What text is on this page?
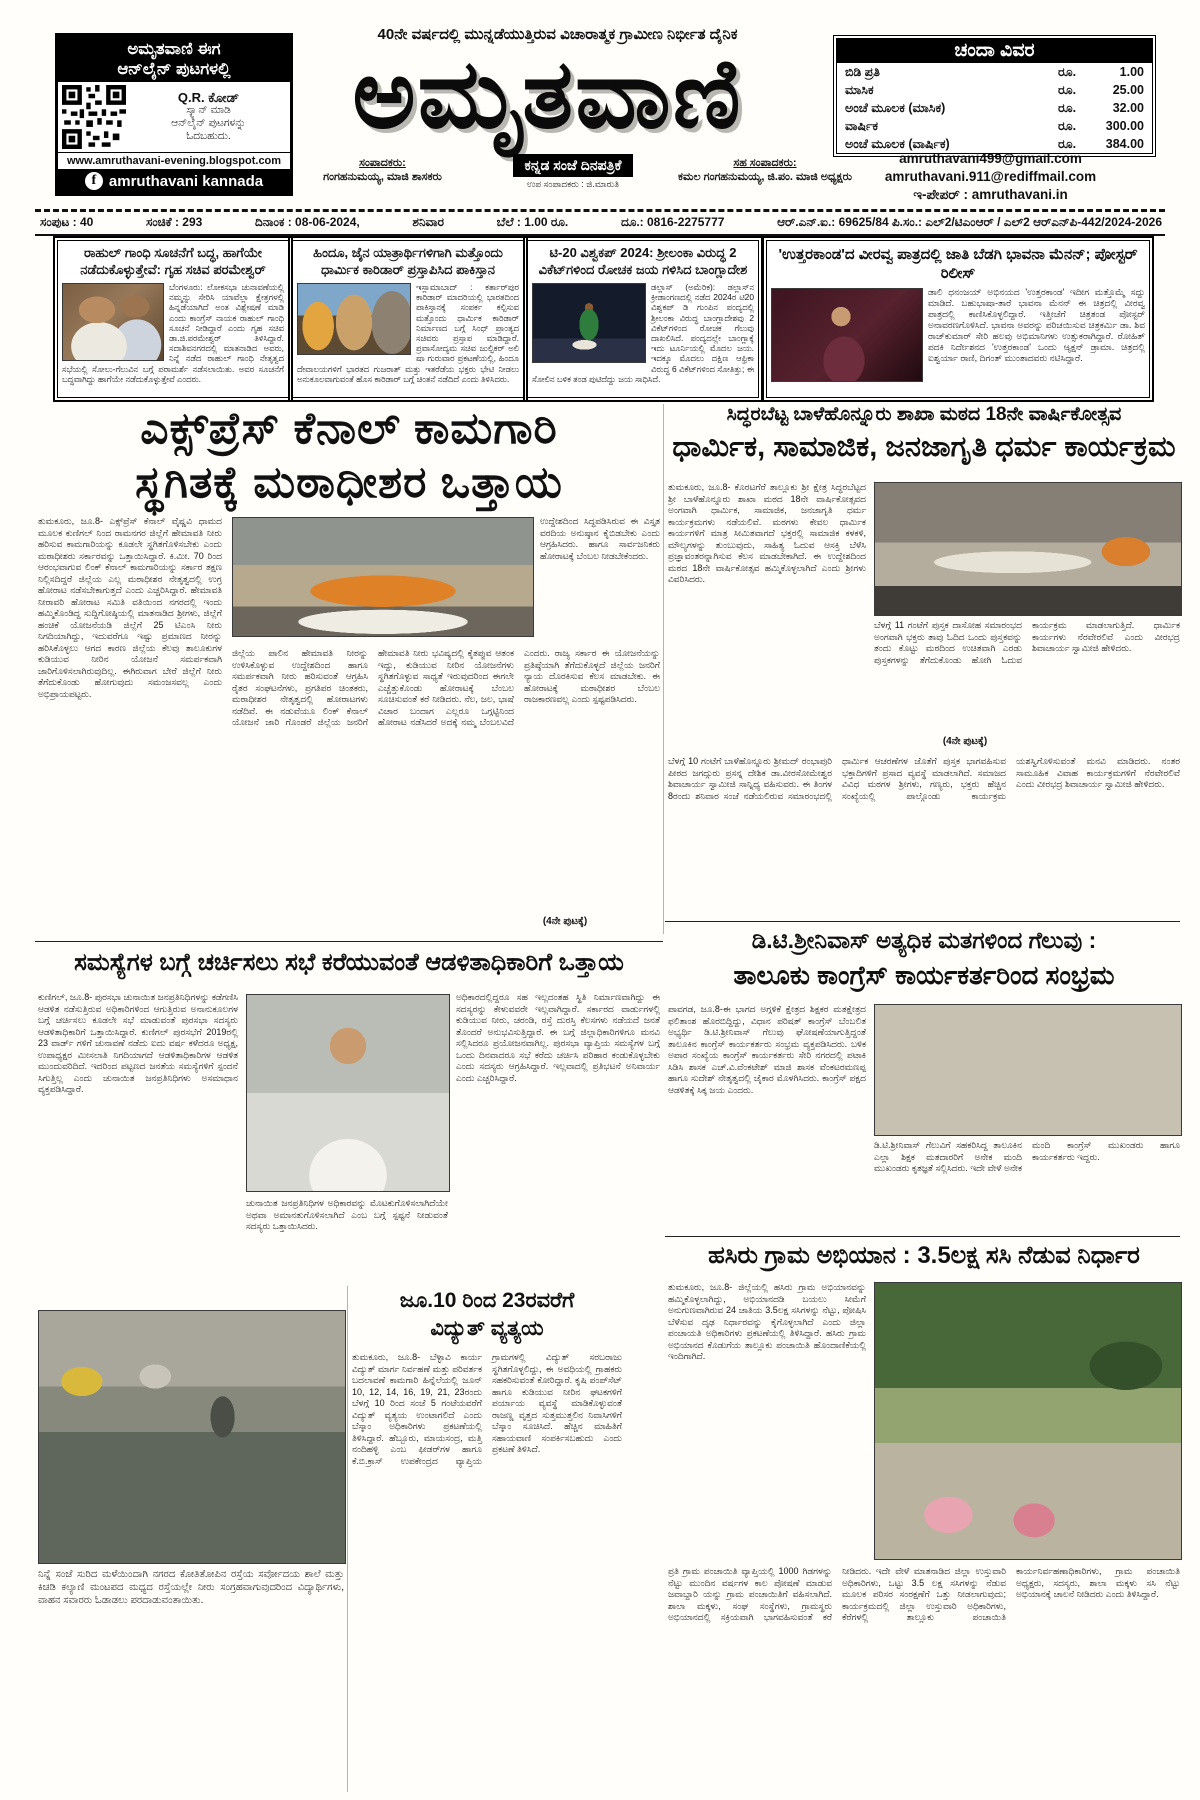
ಅಮೃತವಾಣಿ ಈಗ
ಆನ್‌ಲೈನ್ ಪುಟಗಳಲ್ಲಿ
Q.R. ಕೋಡ್
ಸ್ಕ್ಯಾನ್ ಮಾಡಿ
ಆನ್‌ಲೈನ್ ಪುಟಗಳನ್ನು
ಓದಬಹುದು.
www.amruthavani-evening.blogspot.com
f amruthavani kannada
40ನೇ ವರ್ಷದಲ್ಲಿ ಮುನ್ನಡೆಯುತ್ತಿರುವ ವಿಚಾರಾತ್ಮಕ ಗ್ರಾಮೀಣ ನಿರ್ಭೀತ ದೈನಿಕ
ಅಮೃತವಾಣಿ
ಸಂಪಾದಕರು:
ಗಂಗಹನುಮಯ್ಯ, ಮಾಜಿ ಶಾಸಕರು
ಕನ್ನಡ ಸಂಜೆ ದಿನಪತ್ರಿಕೆ
ಉಪ ಸಂಪಾದಕರು : ಜಿ.ಮಾರುತಿ
ಸಹ ಸಂಪಾದಕರು:
ಕಮಲ ಗಂಗಹನುಮಯ್ಯ, ಜಿ.ಪಂ. ಮಾಜಿ ಅಧ್ಯಕ್ಷರು
ಚಂದಾ ವಿವರ
ಬಿಡಿ ಪ್ರತಿ	ರೂ.	1.00
ಮಾಸಿಕ	ರೂ.	25.00
ಅಂಚೆ ಮೂಲಕ (ಮಾಸಿಕ)	ರೂ.	32.00
ವಾರ್ಷಿಕ	ರೂ.	300.00
ಅಂಚೆ ಮೂಲಕ (ವಾರ್ಷಿಕ)	ರೂ.	384.00
amruthavani499@gmail.com
amruthavani.911@rediffmail.com
ಇ-ಪೇಪರ್ : amruthavani.in
ಸಂಪುಟ : 40	ಸಂಚಿಕೆ : 293	ದಿನಾಂಕ : 08-06-2024,	ಶನಿವಾರ	ಬೆಲೆ : 1.00 ರೂ.	ದೂ.: 0816-2275777	ಆರ್.ಎನ್.ಐ.: 69625/84 ಪಿ.ಸಂ.: ಎಲ್2/ಟಿಎಂಆರ್ / ಎಲ್2 ಆರ್‌ಎನ್‌ಪಿ-442/2024-2026
ರಾಹುಲ್ ಗಾಂಧಿ ಸೂಚನೆಗೆ ಬದ್ಧ, ಹಾಗೆಯೇ ನಡೆದುಕೊಳ್ಳುತ್ತೇವೆ: ಗೃಹ ಸಚಿವ ಪರಮೇಶ್ವರ್
ಬೆಂಗಳೂರು: ಲೋಕಸಭಾ ಚುನಾವಣೆಯಲ್ಲಿ ನಮ್ಮನ್ನು ಸೇರಿಸಿ ಯಾವೆಲ್ಲಾ ಕ್ಷೇತ್ರಗಳಲ್ಲಿ ಹಿನ್ನಡೆಯಾಗಿದೆ ಅಂತ ವಿಶ್ಲೇಷಣೆ ಮಾಡಿ ಎಂದು ಕಾಂಗ್ರೆಸ್ ನಾಯಕ ರಾಹುಲ್ ಗಾಂಧಿ ಸೂಚನೆ ನೀಡಿದ್ದಾರೆ ಎಂದು ಗೃಹ ಸಚಿವ ಡಾ.ಜಿ.ಪರಮೇಶ್ವರ್ ತಿಳಿಸಿದ್ದಾರೆ. ಸದಾಶಿವನಗರದಲ್ಲಿ ಮಾತನಾಡಿದ ಅವರು, ನಿನ್ನೆ ನಡೆದ ರಾಹುಲ್ ಗಾಂಧಿ ನೇತೃತ್ವದ ಸಭೆಯಲ್ಲಿ ಸೋಲು-ಗೆಲುವಿನ ಬಗ್ಗೆ ಪರಾಮರ್ಶೆ ನಡೆಸಲಾಯಿತು. ಅವರ ಸೂಚನೆಗೆ ಬದ್ಧವಾಗಿದ್ದು ಹಾಗೆಯೇ ನಡೆದುಕೊಳ್ಳುತ್ತೇವೆ ಎಂದರು.
ಹಿಂದೂ, ಜೈನ ಯಾತ್ರಾರ್ಥಿಗಳಿಗಾಗಿ ಮತ್ತೊಂದು ಧಾರ್ಮಿಕ ಕಾರಿಡಾರ್ ಪ್ರಸ್ತಾಪಿಸಿದ ಪಾಕಿಸ್ತಾನ
ಇಸ್ಲಾಮಾಬಾದ್ : ಕರ್ತಾರ್‌ಪುರ ಕಾರಿಡಾರ್ ಮಾದರಿಯಲ್ಲಿ ಭಾರತದಿಂದ ಪಾಕಿಸ್ತಾನಕ್ಕೆ ಸಂಪರ್ಕ ಕಲ್ಪಿಸುವ ಮತ್ತೊಂದು ಧಾರ್ಮಿಕ ಕಾರಿಡಾರ್ ನಿರ್ಮಾಣದ ಬಗ್ಗೆ ಸಿಂಧ್ ಪ್ರಾಂತ್ಯದ ಸಚಿವರು ಪ್ರಸ್ತಾಪ ಮಾಡಿದ್ದಾರೆ. ಪ್ರವಾಸೋದ್ಯಮ ಸಚಿವ ಜುಲ್ಫಿಕರ್ ಅಲಿ ಷಾ ಗುರುವಾರ ಪ್ರಕಟಣೆಯಲ್ಲಿ, ಹಿಂದೂ ದೇವಾಲಯಗಳಿಗೆ ಭಾರತದ ಗುಜರಾತ್ ಮತ್ತು ಇತರೆಡೆಯ ಭಕ್ತರು ಭೇಟಿ ನೀಡಲು ಅನುಕೂಲವಾಗುವಂತೆ ಹೊಸ ಕಾರಿಡಾರ್ ಬಗ್ಗೆ ಚಿಂತನೆ ನಡೆದಿದೆ ಎಂದು ತಿಳಿಸಿದರು.
ಟಿ-20 ವಿಶ್ವಕಪ್ 2024: ಶ್ರೀಲಂಕಾ ವಿರುದ್ಧ 2 ವಿಕೆಟ್‌ಗಳಿಂದ ರೋಚಕ ಜಯ ಗಳಿಸಿದ ಬಾಂಗ್ಲಾದೇಶ
ಡಲ್ಲಾಸ್ (ಅಮೆರಿಕ): ಡಲ್ಲಾಸ್‌ನ ಕ್ರೀಡಾಂಗಣದಲ್ಲಿ ನಡೆದ 2024ರ ಟಿ20 ವಿಶ್ವಕಪ್ ಡಿ ಗುಂಪಿನ ಪಂದ್ಯದಲ್ಲಿ ಶ್ರೀಲಂಕಾ ವಿರುದ್ಧ ಬಾಂಗ್ಲಾದೇಶವು 2 ವಿಕೆಟ್‌ಗಳಿಂದ ರೋಚಕ ಗೆಲುವು ದಾಖಲಿಸಿದೆ. ಪಂದ್ಯದಲ್ಲೇ ಬಾಂಗ್ಲಾಕ್ಕೆ ಇದು ಟೂರ್ನಿಯಲ್ಲಿ ಮೊದಲ ಜಯ. ಇದಕ್ಕೂ ಮೊದಲು ದಕ್ಷಿಣ ಆಫ್ರಿಕಾ ವಿರುದ್ಧ 6 ವಿಕೆಟ್‌ಗಳಿಂದ ಸೋತಿತ್ತು; ಈ ಸೋಲಿನ ಬಳಿಕ ತಂಡ ಪುಟಿದೆದ್ದು ಜಯ ಸಾಧಿಸಿದೆ.
'ಉತ್ತರಕಾಂಡ'ದ ವೀರವ್ವ ಪಾತ್ರದಲ್ಲಿ ಜಾತಿ ಬೆಡಗಿ ಭಾವನಾ ಮೆನನ್; ಪೋಸ್ಟರ್ ರಿಲೀಸ್
ಡಾಲಿ ಧನಂಜಯ್ ಅಭಿನಯದ 'ಉತ್ತರಕಾಂಡ' ಇದೀಗ ಮತ್ತೊಮ್ಮೆ ಸದ್ದು ಮಾಡಿದೆ. ಬಹುಭಾಷಾ-ತಾರೆ ಭಾವನಾ ಮೆನನ್ ಈ ಚಿತ್ರದಲ್ಲಿ ವೀರವ್ವ ಪಾತ್ರದಲ್ಲಿ ಕಾಣಿಸಿಕೊಳ್ಳಲಿದ್ದಾರೆ. ಇತ್ತೀಚೆಗೆ ಚಿತ್ರತಂಡ ಪೋಸ್ಟರ್ ಅನಾವರಣಗೊಳಿಸಿದೆ. ಭಾವನಾ ಅವರನ್ನು ಪರಿಚಯಿಸುವ ಚಿತ್ರಕರ್ಮಿ ಡಾ. ಶಿವ ರಾಜ್‌ಕುಮಾರ್ ಸೇರಿ ಹಲವು ಅಭಿಮಾನಿಗಳು ಉತ್ಸುಕರಾಗಿದ್ದಾರೆ. ರೋಹಿತ್ ಪದಕಿ ನಿರ್ದೇಶನದ 'ಉತ್ತರಕಾಂಡ' ಒಂದು ಆ್ಯಕ್ಷನ್ ಡ್ರಾಮಾ. ಚಿತ್ರದಲ್ಲಿ ಐಶ್ವರ್ಯಾ ರಾಣಿ, ದಿಗಂತ್ ಮುಂತಾದವರು ನಟಿಸಿದ್ದಾರೆ.
ಎಕ್ಸ್‌ಪ್ರೆಸ್ ಕೆನಾಲ್ ಕಾಮಗಾರಿ
ಸ್ಥಗಿತಕ್ಕೆ ಮಠಾಧೀಶರ ಒತ್ತಾಯ
ತುಮಕೂರು, ಜೂ.8- ಎಕ್ಸ್‌ಪ್ರೆಸ್ ಕೆನಾಲ್ ವೈಷ್ಣವಿ ಧಾಮದ ಮೂಲಕ ಕುಣಿಗಲ್ ನಿಂದ ರಾಮನಗರ ಜಿಲ್ಲೆಗೆ ಹೇಮಾವತಿ ನೀರು ಹರಿಸುವ ಕಾಮಗಾರಿಯನ್ನು ಕೂಡಲೇ ಸ್ಥಗಿತಗೊಳಿಸಬೇಕು ಎಂದು ಮಠಾಧೀಶರು ಸರ್ಕಾರವನ್ನು ಒತ್ತಾಯಿಸಿದ್ದಾರೆ. ಕಿ.ಮೀ. 70 ರಿಂದ ಆರಂಭವಾಗುವ ಲಿಂಕ್ ಕೆನಾಲ್ ಕಾಮಗಾರಿಯನ್ನು ಸರ್ಕಾರ ತಕ್ಷಣ ನಿಲ್ಲಿಸದಿದ್ದರೆ ಜಿಲ್ಲೆಯ ಎಲ್ಲ ಮಠಾಧೀಶರ ನೇತೃತ್ವದಲ್ಲಿ ಉಗ್ರ ಹೋರಾಟ ನಡೆಸಬೇಕಾಗುತ್ತದೆ ಎಂದು ಎಚ್ಚರಿಸಿದ್ದಾರೆ. ಹೇಮಾವತಿ ನೀರಾವರಿ ಹೋರಾಟ ಸಮಿತಿ ವತಿಯಿಂದ ನಗರದಲ್ಲಿ ಇಂದು ಹಮ್ಮಿಕೊಂಡಿದ್ದ ಸುದ್ದಿಗೋಷ್ಠಿಯಲ್ಲಿ ಮಾತನಾಡಿದ ಶ್ರೀಗಳು, ಜಿಲ್ಲೆಗೆ ಹಂಚಿಕೆ ಯೋಜನೆಯಡಿ ಜಿಲ್ಲೆಗೆ 25 ಟಿಎಂಸಿ ನೀರು ನಿಗದಿಯಾಗಿದ್ದು, ಇದುವರೆಗೂ ಇಷ್ಟು ಪ್ರಮಾಣದ ನೀರನ್ನು ಹರಿಸಿಕೊಳ್ಳಲು ಆಗದ ಕಾರಣ ಜಿಲ್ಲೆಯ ಕೆಲವು ತಾಲೂಕುಗಳ ಕುಡಿಯುವ ನೀರಿನ ಯೋಜನೆ ಸಮರ್ಪಕವಾಗಿ ಜಾರಿಗೊಳಿಸಲಾಗಿರುವುದಿಲ್ಲ. ಈಗಿರುವಾಗ ಬೇರೆ ಜಿಲ್ಲೆಗೆ ನೀರು ತೆಗೆದುಕೊಂಡು ಹೋಗುವುದು ಸಮಂಜಸವಲ್ಲ ಎಂದು ಅಭಿಪ್ರಾಯಪಟ್ಟರು.
ಉದ್ದೇಶದಿಂದ ಸಿದ್ಧಪಡಿಸಿರುವ ಈ ವಿಸ್ತೃತ ವರದಿಯ ಅನುಷ್ಠಾನ ಕೈಬಿಡಬೇಕು ಎಂದು ಆಗ್ರಹಿಸಿದರು. ಹಾಗೂ ಸಾರ್ವಜನಿಕರು ಹೋರಾಟಕ್ಕೆ ಬೆಂಬಲ ನೀಡಬೇಕೆಂದರು.
ಜಿಲ್ಲೆಯ ಪಾಲಿನ ಹೇಮಾವತಿ ನೀರನ್ನು ಉಳಿಸಿಕೊಳ್ಳುವ ಉದ್ದೇಶದಿಂದ ಹಾಗೂ ಸಮರ್ಪಕವಾಗಿ ನೀರು ಹರಿಸುವಂತೆ ಆಗ್ರಹಿಸಿ ರೈತರ ಸಂಘಟನೆಗಳು, ಪ್ರಗತಿಪರ ಚಿಂತಕರು, ಮಠಾಧೀಶರ ನೇತೃತ್ವದಲ್ಲಿ ಹೋರಾಟಗಳು ನಡೆದಿವೆ. ಈ ನಡುವೆಯೂ ಲಿಂಕ್ ಕೆನಾಲ್ ಯೋಜನೆ ಜಾರಿ ಗೊಂಡರೆ ಜಿಲ್ಲೆಯ ಜನರಿಗೆ ಹೇಮಾವತಿ ನೀರು ಭವಿಷ್ಯದಲ್ಲಿ ಕೈತಪ್ಪುವ ಆತಂಕ ಇದ್ದು, ಕುಡಿಯುವ ನೀರಿನ ಯೋಜನೆಗಳು ಸ್ಥಗಿತಗೊಳ್ಳುವ ಸಾಧ್ಯತೆ ಇರುವುದರಿಂದ ಈಗಲೇ ಎಚ್ಚೆತ್ತುಕೊಂಡು ಹೋರಾಟಕ್ಕೆ ಬೆಂಬಲ ಸೂಚಿಸುವಂತೆ ಕರೆ ನೀಡಿದರು. ನೆಲ, ಜಲ, ಭಾಷೆ ವಿಚಾರ ಬಂದಾಗ ಎಲ್ಲರೂ ಒಗ್ಗಟ್ಟಿನಿಂದ ಹೋರಾಟ ನಡೆಸಿದರೆ ಅದಕ್ಕೆ ನಮ್ಮ ಬೆಂಬಲವಿದೆ ಎಂದರು. ರಾಜ್ಯ ಸರ್ಕಾರ ಈ ಯೋಜನೆಯನ್ನು ಪ್ರತಿಷ್ಠೆಯಾಗಿ ತೆಗೆದುಕೊಳ್ಳದೆ ಜಿಲ್ಲೆಯ ಜನರಿಗೆ ನ್ಯಾಯ ದೊರಕಿಸುವ ಕೆಲಸ ಮಾಡಬೇಕು. ಈ ಹೋರಾಟಕ್ಕೆ ಮಠಾಧೀಶರ ಬೆಂಬಲ ರಾಜಕಾರಣವಲ್ಲ ಎಂದು ಸ್ಪಷ್ಟಪಡಿಸಿದರು.
(4ನೇ ಪುಟಕ್ಕೆ)
ಸಿದ್ಧರಬೆಟ್ಟ ಬಾಳೆಹೊನ್ನೂರು ಶಾಖಾ ಮಠದ 18ನೇ ವಾರ್ಷಿಕೋತ್ಸವ
ಧಾರ್ಮಿಕ, ಸಾಮಾಜಿಕ, ಜನಜಾಗೃತಿ ಧರ್ಮ ಕಾರ್ಯಕ್ರಮ
ತುಮಕೂರು, ಜೂ.8- ಕೊರಟಗೆರೆ ತಾಲ್ಲೂಕು ಶ್ರೀ ಕ್ಷೇತ್ರ ಸಿದ್ಧರಬೆಟ್ಟದ ಶ್ರೀ ಬಾಳೆಹೊನ್ನೂರು ಶಾಖಾ ಮಠದ 18ನೇ ವಾರ್ಷಿಕೋತ್ಸವದ ಅಂಗವಾಗಿ ಧಾರ್ಮಿಕ, ಸಾಮಾಜಿಕ, ಜನಜಾಗೃತಿ ಧರ್ಮ ಕಾರ್ಯಕ್ರಮಗಳು ನಡೆಯಲಿವೆ. ಮಠಗಳು ಕೇವಲ ಧಾರ್ಮಿಕ ಕಾರ್ಯಗಳಿಗೆ ಮಾತ್ರ ಸೀಮಿತವಾಗದೆ ಭಕ್ತರಲ್ಲಿ ಸಾಮಾಜಿಕ ಕಳಕಳಿ, ಮೌಲ್ಯಗಳನ್ನು ತುಂಬುವುದು, ಸಾಹಿತ್ಯ ಓದುವ ಆಸಕ್ತಿ ಬೆಳೆಸಿ ಪ್ರಜ್ಞಾವಂತರನ್ನಾಗಿಸುವ ಕೆಲಸ ಮಾಡಬೇಕಾಗಿದೆ. ಈ ಉದ್ದೇಶದಿಂದ ಮಠದ 18ನೇ ವಾರ್ಷಿಕೋತ್ಸವ ಹಮ್ಮಿಕೊಳ್ಳಲಾಗಿದೆ ಎಂದು ಶ್ರೀಗಳು ವಿವರಿಸಿದರು.
ಬೆಳಗ್ಗೆ 11 ಗಂಟೆಗೆ ಪುಸ್ತಕ ದಾಸೋಹ ಸಮಾರಂಭದ ಅಂಗವಾಗಿ ಭಕ್ತರು ತಾವು ಓದಿದ ಒಂದು ಪುಸ್ತಕವನ್ನು ತಂದು ಕೊಟ್ಟು ಮಠದಿಂದ ಉಚಿತವಾಗಿ ಎರಡು ಪುಸ್ತಕಗಳನ್ನು ತೆಗೆದುಕೊಂಡು ಹೋಗಿ ಓದುವ ಕಾರ್ಯಕ್ರಮ ಮಾಡಲಾಗುತ್ತಿದೆ. ಧಾರ್ಮಿಕ ಕಾರ್ಯಗಳು ನೆರವೇರಲಿವೆ ಎಂದು ವೀರಭದ್ರ ಶಿವಾಚಾರ್ಯ ಸ್ವಾಮೀಜಿ ಹೇಳಿದರು.
(4ನೇ ಪುಟಕ್ಕೆ)
ಬೆಳಗ್ಗೆ 10 ಗಂಟೆಗೆ ಬಾಳೆಹೊನ್ನೂರು ಶ್ರೀಮದ್ ರಂಭಾಪುರಿ ಪೀಠದ ಜಗದ್ಗುರು ಪ್ರಸನ್ನ ದೇಶಿಕ ಡಾ.ವೀರಸೋಮೇಶ್ವರ ಶಿವಾಚಾರ್ಯ ಸ್ವಾಮೀಜಿ ಸಾನ್ನಿಧ್ಯ ವಹಿಸುವರು. ಈ ತಿಂಗಳ 8ರಂದು ಶನಿವಾರ ಸಂಜೆ ನಡೆಯಲಿರುವ ಸಮಾರಂಭದಲ್ಲಿ ಧಾರ್ಮಿಕ ಆಚರಣೆಗಳ ಜೊತೆಗೆ ಪುಸ್ತಕ ಭಾಗವಹಿಸುವ ಭಕ್ತಾದಿಗಳಿಗೆ ಪ್ರಸಾದ ವ್ಯವಸ್ಥೆ ಮಾಡಲಾಗಿದೆ. ಸಮಾಜದ ವಿವಿಧ ಮಠಗಳ ಶ್ರೀಗಳು, ಗಣ್ಯರು, ಭಕ್ತರು ಹೆಚ್ಚಿನ ಸಂಖ್ಯೆಯಲ್ಲಿ ಪಾಲ್ಗೊಂಡು ಕಾರ್ಯಕ್ರಮ ಯಶಸ್ವಿಗೊಳಿಸುವಂತೆ ಮನವಿ ಮಾಡಿದರು. ನಂತರ ಸಾಮೂಹಿಕ ವಿವಾಹ ಕಾರ್ಯಕ್ರಮಗಳಿಗೆ ನೆರವೇರಲಿವೆ ಎಂದು ವೀರಭದ್ರ ಶಿವಾಚಾರ್ಯ ಸ್ವಾಮೀಜಿ ಹೇಳಿದರು.
ಸಮಸ್ಯೆಗಳ ಬಗ್ಗೆ ಚರ್ಚಿಸಲು ಸಭೆ ಕರೆಯುವಂತೆ ಆಡಳಿತಾಧಿಕಾರಿಗೆ ಒತ್ತಾಯ
ಕುಣಿಗಲ್, ಜೂ.8- ಪುರಸಭಾ ಚುನಾಯಿತ ಜನಪ್ರತಿನಿಧಿಗಳನ್ನು ಕಡೆಗಣಿಸಿ ಆಡಳಿತ ನಡೆಸುತ್ತಿರುವ ಅಧಿಕಾರಿಗಳಿಂದ ಆಗುತ್ತಿರುವ ಅನಾನುಕೂಲಗಳ ಬಗ್ಗೆ ಚರ್ಚಿಸಲು ಕೂಡಲೇ ಸಭೆ ಮಾಡುವಂತೆ ಪುರಸಭಾ ಸದಸ್ಯರು ಆಡಳಿತಾಧಿಕಾರಿಗೆ ಒತ್ತಾಯಿಸಿದ್ದಾರೆ. ಕುಣಿಗಲ್ ಪುರಸಭೆಗೆ 2019ರಲ್ಲಿ 23 ವಾರ್ಡ್ ಗಳಿಗೆ ಚುನಾವಣೆ ನಡೆದು ಐದು ವರ್ಷ ಕಳೆದರೂ ಅಧ್ಯಕ್ಷ, ಉಪಾಧ್ಯಕ್ಷರ ಮೀಸಲಾತಿ ನಿಗದಿಯಾಗದೆ ಆಡಳಿತಾಧಿಕಾರಿಗಳ ಆಡಳಿತ ಮುಂದುವರಿದಿದೆ. ಇದರಿಂದ ಪಟ್ಟಣದ ಜನತೆಯ ಸಮಸ್ಯೆಗಳಿಗೆ ಸ್ಪಂದನೆ ಸಿಗುತ್ತಿಲ್ಲ ಎಂದು ಚುನಾಯಿತ ಜನಪ್ರತಿನಿಧಿಗಳು ಅಸಮಾಧಾನ ವ್ಯಕ್ತಪಡಿಸಿದ್ದಾರೆ.
ಅಧಿಕಾರದಲ್ಲಿದ್ದರೂ ಸಹ ಇಲ್ಲದಂತಹ ಸ್ಥಿತಿ ನಿರ್ಮಾಣವಾಗಿದ್ದು ಈ ಸದಸ್ಯರನ್ನು ಕೇಳುವವರೇ ಇಲ್ಲವಾಗಿದ್ದಾರೆ. ಸರ್ಕಾರದ ವಾರ್ಡುಗಳಲ್ಲಿ ಕುಡಿಯುವ ನೀರು, ಚರಂಡಿ, ರಸ್ತೆ ದುರಸ್ತಿ ಕೆಲಸಗಳು ನಡೆಯದೆ ಜನತೆ ತೊಂದರೆ ಅನುಭವಿಸುತ್ತಿದ್ದಾರೆ. ಈ ಬಗ್ಗೆ ಜಿಲ್ಲಾಧಿಕಾರಿಗಳಿಗೂ ಮನವಿ ಸಲ್ಲಿಸಿದರೂ ಪ್ರಯೋಜನವಾಗಿಲ್ಲ. ಪುರಸಭಾ ವ್ಯಾಪ್ತಿಯ ಸಮಸ್ಯೆಗಳ ಬಗ್ಗೆ ಒಂದು ದಿನವಾದರೂ ಸಭೆ ಕರೆದು ಚರ್ಚಿಸಿ ಪರಿಹಾರ ಕಂಡುಕೊಳ್ಳಬೇಕು ಎಂದು ಸದಸ್ಯರು ಆಗ್ರಹಿಸಿದ್ದಾರೆ. ಇಲ್ಲವಾದಲ್ಲಿ ಪ್ರತಿಭಟನೆ ಅನಿವಾರ್ಯ ಎಂದು ಎಚ್ಚರಿಸಿದ್ದಾರೆ.
ಚುನಾಯಿತ ಜನಪ್ರತಿನಿಧಿಗಳ ಅಧಿಕಾರವನ್ನು ಮೊಟಕುಗೊಳಿಸಲಾಗಿದೆಯೇ ಅಥವಾ ಅಮಾನತುಗೊಳಿಸಲಾಗಿದೆ ಎಂಬ ಬಗ್ಗೆ ಸ್ಪಷ್ಟನೆ ನೀಡುವಂತೆ ಸದಸ್ಯರು ಒತ್ತಾಯಿಸಿದರು.
ಡಿ.ಟಿ.ಶ್ರೀನಿವಾಸ್ ಅತ್ಯಧಿಕ ಮತಗಳಿಂದ ಗೆಲುವು :
ತಾಲೂಕು ಕಾಂಗ್ರೆಸ್ ಕಾರ್ಯಕರ್ತರಿಂದ ಸಂಭ್ರಮ
ಪಾವಗಡ, ಜೂ.8-ಈ ಭಾಗದ ಅಗ್ಗಳಿಕೆ ಕ್ಷೇತ್ರದ ಶಿಕ್ಷಕರ ಮತಕ್ಷೇತ್ರದ ಫಲಿತಾಂಶ ಹೊರಬಿದ್ದಿದ್ದು, ವಿಧಾನ ಪರಿಷತ್ ಕಾಂಗ್ರೆಸ್ ಬೆಂಬಲಿತ ಅಭ್ಯರ್ಥಿ ಡಿ.ಟಿ.ಶ್ರೀನಿವಾಸ್ ಗೆಲುವು ಘೋಷಣೆಯಾಗುತ್ತಿದ್ದಂತೆ ತಾಲೂಕಿನ ಕಾಂಗ್ರೆಸ್ ಕಾರ್ಯಕರ್ತರು ಸಂಭ್ರಮ ವ್ಯಕ್ತಪಡಿಸಿದರು. ಬಳಿಕ ಅಪಾರ ಸಂಖ್ಯೆಯ ಕಾಂಗ್ರೆಸ್ ಕಾರ್ಯಕರ್ತರು ಸೇರಿ ನಗರದಲ್ಲಿ ಪಟಾಕಿ ಸಿಡಿಸಿ ಶಾಸಕ ಎಚ್.ವಿ.ವೆಂಕಟೇಶ್ ಮಾಜಿ ಶಾಸಕ ವೆಂಕಟರಮಣಪ್ಪ ಹಾಗೂ ಸುದೇಶ್ ನೇತೃತ್ವದಲ್ಲಿ ಜೈಕಾರ ಮೊಳಗಿಸಿದರು. ಕಾಂಗ್ರೆಸ್ ಪಕ್ಷದ ಆಡಳಿತಕ್ಕೆ ಸಿಕ್ಕ ಜಯ ಎಂದರು.
ಡಿ.ಟಿ.ಶ್ರೀನಿವಾಸ್ ಗೆಲುವಿಗೆ ಸಹಕರಿಸಿದ್ದ ತಾಲೂಕಿನ ಎಲ್ಲಾ ಶಿಕ್ಷಕ ಮತದಾರರಿಗೆ ಅನೇಕ ಮಂದಿ ಮುಖಂಡರು ಕೃತಜ್ಞತೆ ಸಲ್ಲಿಸಿದರು. ಇದೇ ವೇಳೆ ಅನೇಕ ಮಂದಿ ಕಾಂಗ್ರೆಸ್ ಮುಖಂಡರು ಹಾಗೂ ಕಾರ್ಯಕರ್ತರು ಇದ್ದರು.
ಹಸಿರು ಗ್ರಾಮ ಅಭಿಯಾನ : 3.5ಲಕ್ಷ ಸಸಿ ನೆಡುವ ನಿರ್ಧಾರ
ತುಮಕೂರು, ಜೂ.8- ಜಿಲ್ಲೆಯಲ್ಲಿ ಹಸಿರು ಗ್ರಾಮ ಅಭಿಯಾನವನ್ನು ಹಮ್ಮಿಕೊಳ್ಳಲಾಗಿದ್ದು, ಅಭಿಯಾನದಡಿ ಬಯಲು ಸೀಮೆಗೆ ಅನುಗುಣವಾಗಿರುವ 24 ಜಾತಿಯ 3.5ಲಕ್ಷ ಸಸಿಗಳನ್ನು ನೆಟ್ಟು, ಪೋಷಿಸಿ ಬೆಳೆಸುವ ದೃಢ ನಿರ್ಧಾರವನ್ನು ಕೈಗೊಳ್ಳಲಾಗಿದೆ ಎಂದು ಜಿಲ್ಲಾ ಪಂಚಾಯತಿ ಅಧಿಕಾರಿಗಳು ಪ್ರಕಟಣೆಯಲ್ಲಿ ತಿಳಿಸಿದ್ದಾರೆ. ಹಸಿರು ಗ್ರಾಮ ಅಭಿಯಾನದ ಕೊಡುಗೆಯ ತಾಲ್ಲೂಕು ಪಂಚಾಯಿತಿ ಹೊಂದಾಣಿಕೆಯಲ್ಲಿ ಇಂದಿಗಾಗಿದೆ.
ಪ್ರತಿ ಗ್ರಾಮ ಪಂಚಾಯಿತಿ ವ್ಯಾಪ್ತಿಯಲ್ಲಿ 1000 ಗಿಡಗಳನ್ನು ನೆಟ್ಟು ಮುಂದಿನ ವರ್ಷಗಳ ಕಾಲ ಪೋಷಣೆ ಮಾಡುವ ಜವಾಬ್ದಾರಿ ಯನ್ನು ಗ್ರಾಮ ಪಂಚಾಯಿತಿಗೆ ವಹಿಸಲಾಗಿದೆ. ಶಾಲಾ ಮಕ್ಕಳು, ಸಂಘ ಸಂಸ್ಥೆಗಳು, ಗ್ರಾಮಸ್ಥರು ಅಭಿಯಾನದಲ್ಲಿ ಸಕ್ರಿಯವಾಗಿ ಭಾಗವಹಿಸುವಂತೆ ಕರೆ ನೀಡಿದರು. ಇದೇ ವೇಳೆ ಮಾತನಾಡಿದ ಜಿಲ್ಲಾ ಉಸ್ತುವಾರಿ ಅಧಿಕಾರಿಗಳು, ಒಟ್ಟು 3.5 ಲಕ್ಷ ಸಸಿಗಳನ್ನು ನೆಡುವ ಮೂಲಕ ಪರಿಸರ ಸಂರಕ್ಷಣೆಗೆ ಒತ್ತು ನೀಡಲಾಗುವುದು; ಕಾರ್ಯಕ್ರಮದಲ್ಲಿ ಜಿಲ್ಲಾ ಉಸ್ತುವಾರಿ ಅಧಿಕಾರಿಗಳು, ಕೆರೆಗಳಲ್ಲಿ ತಾಲ್ಲೂಕು ಪಂಚಾಯಿತಿ ಕಾರ್ಯನಿರ್ವಹಣಾಧಿಕಾರಿಗಳು, ಗ್ರಾಮ ಪಂಚಾಯಿತಿ ಅಧ್ಯಕ್ಷರು, ಸದಸ್ಯರು, ಶಾಲಾ ಮಕ್ಕಳು ಸಸಿ ನೆಟ್ಟು ಅಭಿಯಾನಕ್ಕೆ ಚಾಲನೆ ನೀಡಿದರು ಎಂದು ತಿಳಿಸಿದ್ದಾರೆ.
ಜೂ.10 ರಿಂದ 23ರವರೆಗೆ
ವಿದ್ಯುತ್ ವ್ಯತ್ಯಯ
ತುಮಕೂರು, ಜೂ.8- ಬೆಳ್ಳಾವಿ ಕಾರ್ಯ ವಿದ್ಯುತ್ ಮಾರ್ಗ ನಿರ್ವಹಣೆ ಮತ್ತು ಪರಿವರ್ತಕ ಬದಲಾವಣೆ ಕಾಮಗಾರಿ ಹಿನ್ನೆಲೆಯಲ್ಲಿ ಜೂನ್ 10, 12, 14, 16, 19, 21, 23ರಂದು ಬೆಳಗ್ಗೆ 10 ರಿಂದ ಸಂಜೆ 5 ಗಂಟೆಯವರೆಗೆ ವಿದ್ಯುತ್ ವ್ಯತ್ಯಯ ಉಂಟಾಗಲಿದೆ ಎಂದು ಬೆಸ್ಕಾಂ ಅಧಿಕಾರಿಗಳು ಪ್ರಕಟಣೆಯಲ್ಲಿ ತಿಳಿಸಿದ್ದಾರೆ. ಹೆಬ್ಬೂರು, ಮಾಯಸಂದ್ರ, ಮತ್ತಿ ನಂದಿಹಳ್ಳಿ ಎಂಬ ಫೀಡರ್‌ಗಳ ಹಾಗೂ ಕೆ.ಬಿ.ಕ್ರಾಸ್ ಉಪಕೇಂದ್ರದ ವ್ಯಾಪ್ತಿಯ ಗ್ರಾಮಗಳಲ್ಲಿ ವಿದ್ಯುತ್ ಸರಬರಾಜು ಸ್ಥಗಿತಗೊಳ್ಳಲಿದ್ದು, ಈ ಅವಧಿಯಲ್ಲಿ ಗ್ರಾಹಕರು ಸಹಕರಿಸುವಂತೆ ಕೋರಿದ್ದಾರೆ. ಕೃಷಿ ಪಂಪ್‌ಸೆಟ್ ಹಾಗೂ ಕುಡಿಯುವ ನೀರಿನ ಘಟಕಗಳಿಗೆ ಪರ್ಯಾಯ ವ್ಯವಸ್ಥೆ ಮಾಡಿಕೊಳ್ಳುವಂತೆ ರಾಜಣ್ಣ ವೃತ್ತದ ಸುತ್ತಮುತ್ತಲಿನ ನಿವಾಸಿಗಳಿಗೆ ಬೆಸ್ಕಾಂ ಸೂಚಿಸಿದೆ. ಹೆಚ್ಚಿನ ಮಾಹಿತಿಗೆ ಸಹಾಯವಾಣಿ ಸಂಪರ್ಕಿಸಬಹುದು ಎಂದು ಪ್ರಕಟಣೆ ತಿಳಿಸಿದೆ.
ನಿನ್ನೆ ಸಂಜೆ ಸುರಿದ ಮಳೆಯಿಂದಾಗಿ ನಗರದ ಕೋತಿತೋಪಿನ ರಸ್ತೆಯ ಸರ್ವೋದಯ ಶಾಲೆ ಮತ್ತು ಕಿಚಡಿ ಕಲ್ಯಾಣಿ ಮಂಟಪದ ಮಧ್ಯದ ರಸ್ತೆಯಲ್ಲೇ ನೀರು ಸಂಗ್ರಹವಾಗುವುದರಿಂದ ವಿದ್ಯಾರ್ಥಿಗಳು, ವಾಹನ ಸವಾರರು ಓಡಾಡಲು ಪರದಾಡುವಂತಾಯಿತು.
